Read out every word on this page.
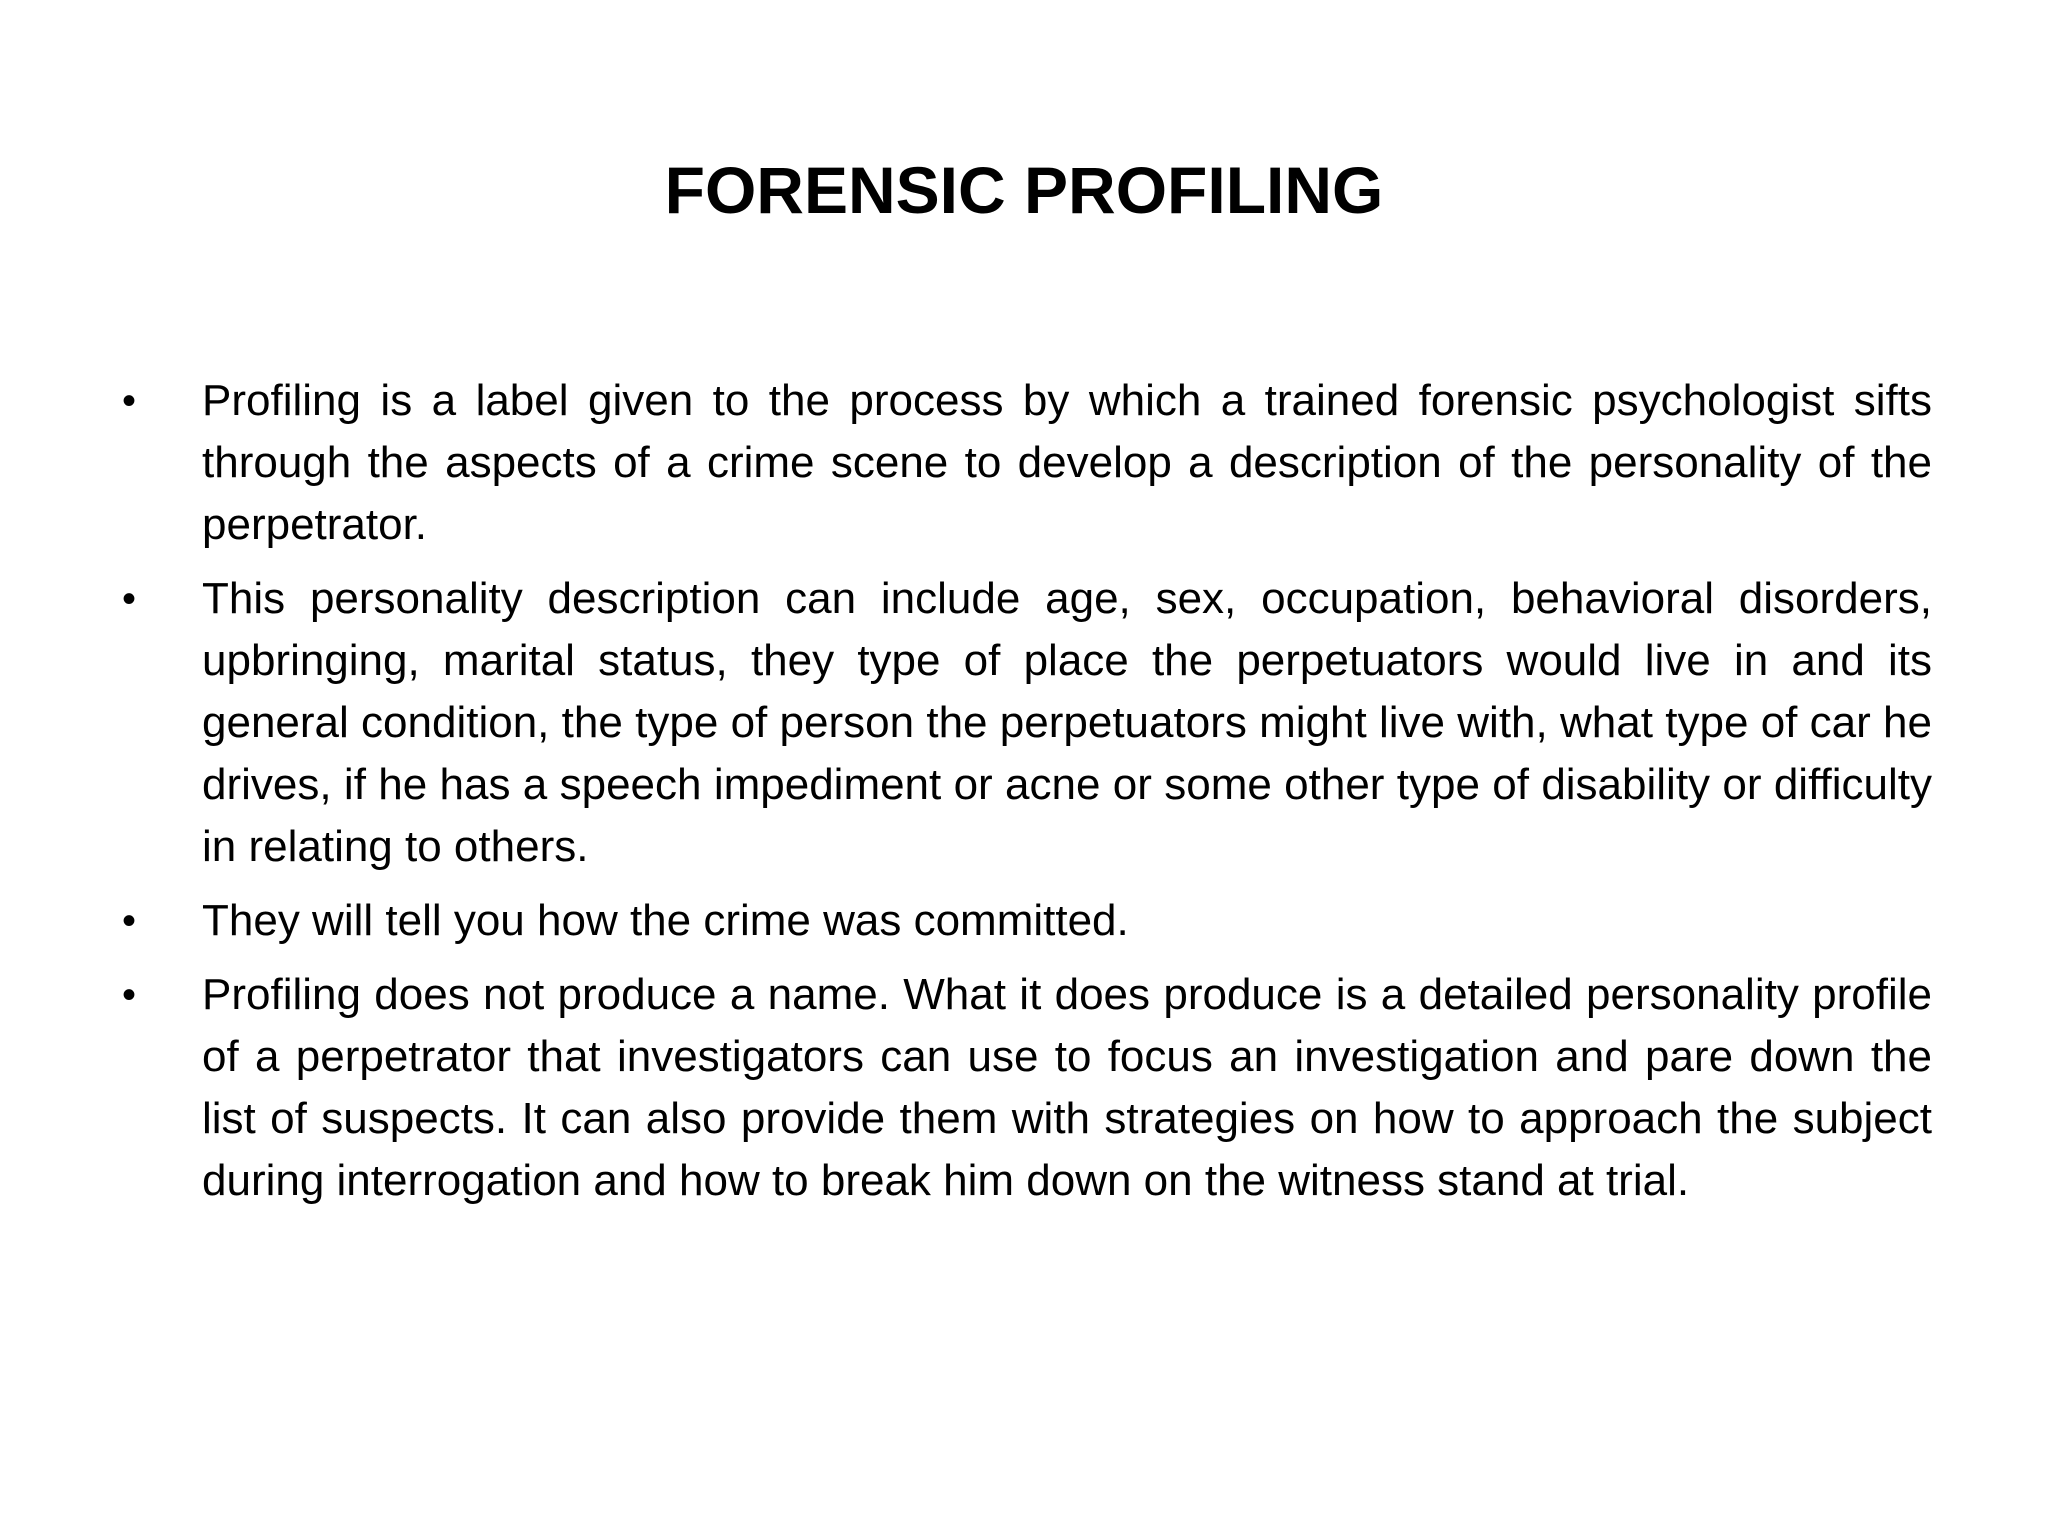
FORENSIC PROFILING
•	Profiling is a label given to the process by which a trained forensic psychologist sifts through the aspects of a crime scene to develop a description of the personality of the perpetrator.
•	This personality description can include age, sex, occupation, behavioral disorders, upbringing, marital status, they type of place the perpetuators would live in and its general condition, the type of person the perpetuators might live with, what type of car he drives, if he has a speech impediment or acne or some other type of disability or difficulty in relating to others.
•	They will tell you how the crime was committed.
•	Profiling does not produce a name. What it does produce is a detailed personality profile of a perpetrator that investigators can use to focus an investigation and pare down the list of suspects. It can also provide them with strategies on how to approach the subject during interrogation and how to break him down on the witness stand at trial.
